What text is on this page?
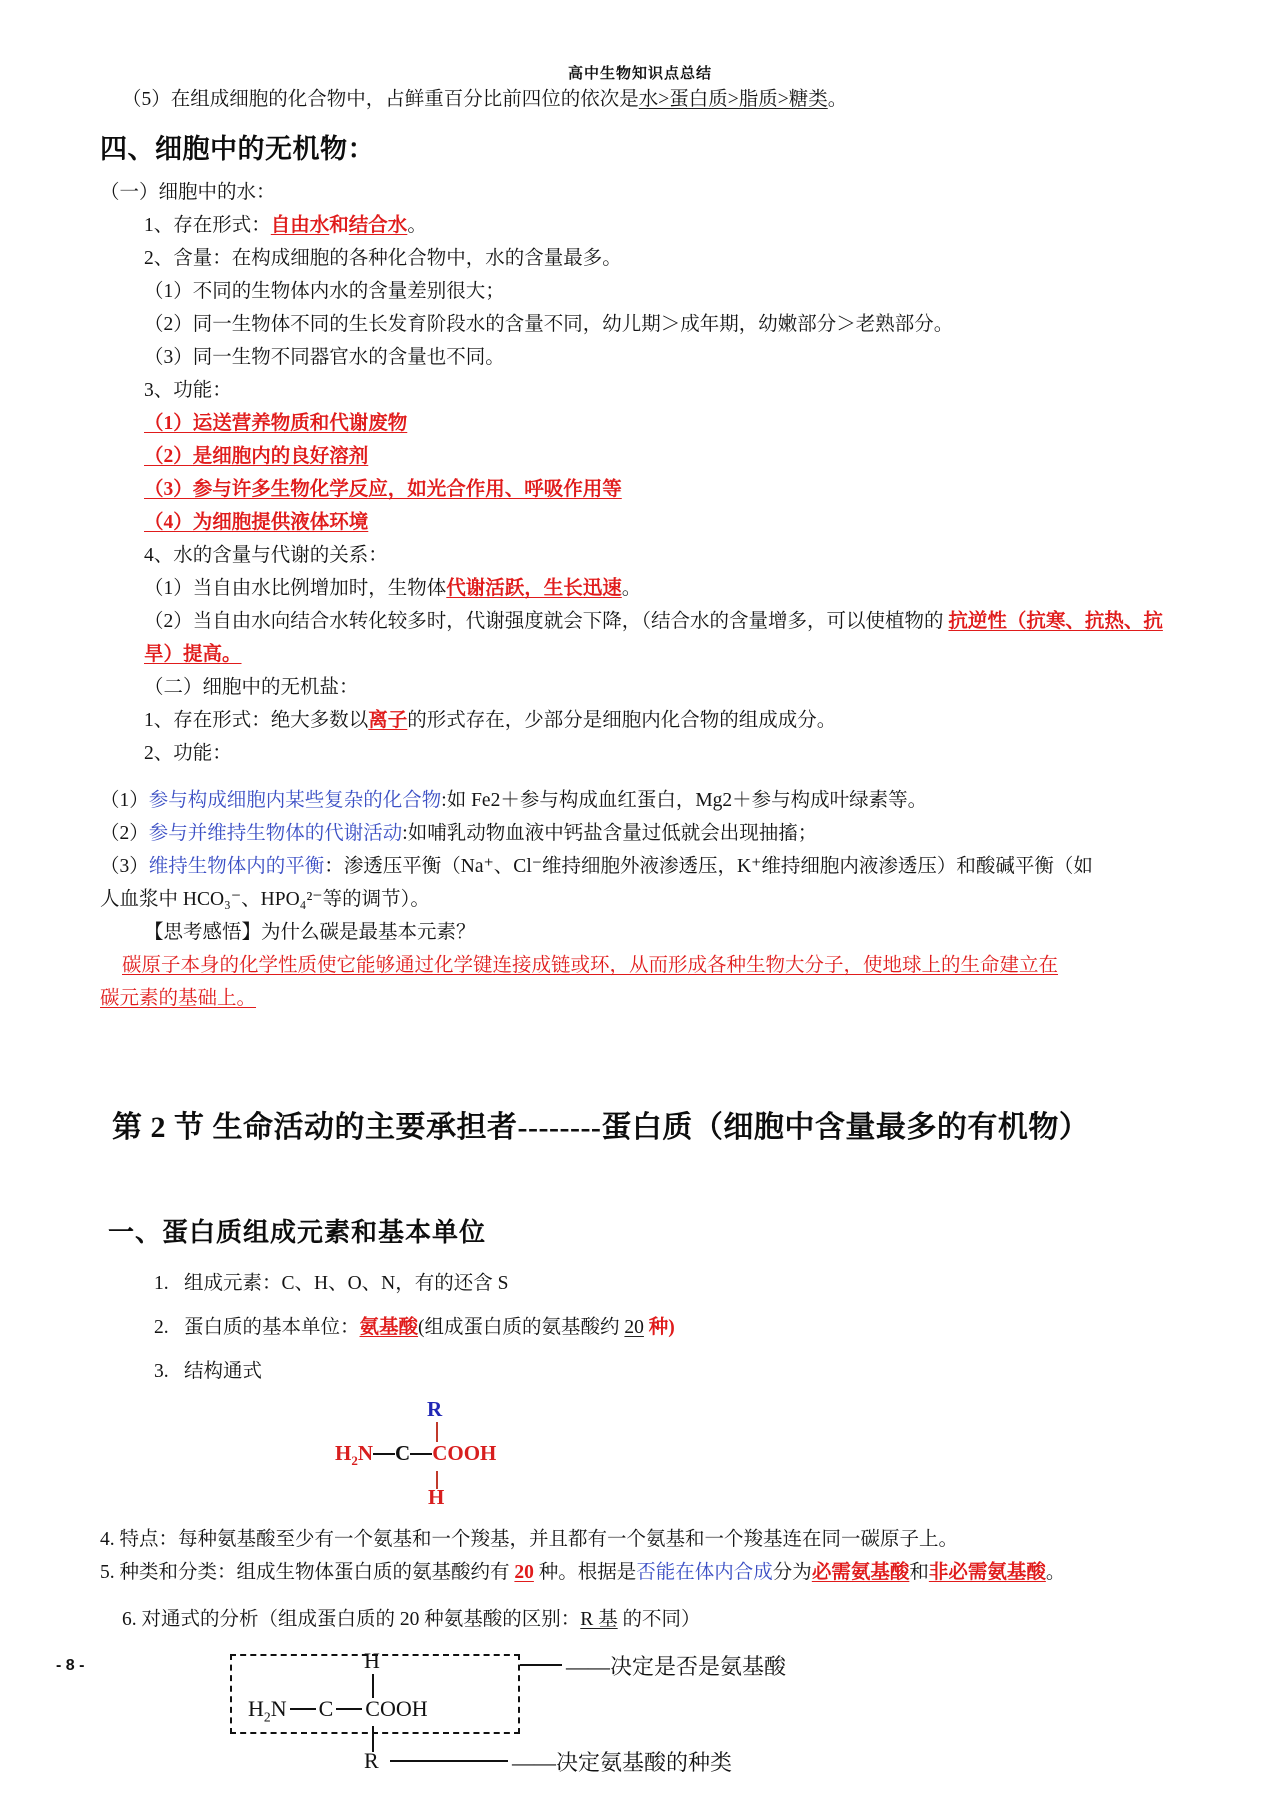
高中生物知识点总结

（5）在组成细胞的化合物中，占鲜重百分比前四位的依次是水>蛋白质>脂质>糖类。

四、细胞中的无机物：

（一）细胞中的水：

1、存在形式：自由水和结合水。

2、含量：在构成细胞的各种化合物中，水的含量最多。

（1）不同的生物体内水的含量差别很大；

（2）同一生物体不同的生长发育阶段水的含量不同，幼儿期＞成年期，幼嫩部分＞老熟部分。

（3）同一生物不同器官水的含量也不同。

3、功能：

（1）运送营养物质和代谢废物

（2）是细胞内的良好溶剂

（3）参与许多生物化学反应，如光合作用、呼吸作用等

（4）为细胞提供液体环境

4、水的含量与代谢的关系：

（1）当自由水比例增加时，生物体代谢活跃，生长迅速。

（2）当自由水向结合水转化较多时，代谢强度就会下降，（结合水的含量增多，可以使植物的 抗逆性（抗寒、抗热、抗旱）提高。

（二）细胞中的无机盐：

1、存在形式：绝大多数以离子的形式存在，少部分是细胞内化合物的组成成分。

2、功能：

（1）参与构成细胞内某些复杂的化合物:如 Fe2＋参与构成血红蛋白，Mg2＋参与构成叶绿素等。

（2）参与并维持生物体的代谢活动:如哺乳动物血液中钙盐含量过低就会出现抽搐；

（3）维持生物体内的平衡：渗透压平衡（Na⁺、Cl⁻维持细胞外液渗透压，K⁺维持细胞内液渗透压）和酸碱平衡（如

人血浆中 HCO₃⁻、HPO₄²⁻等的调节）。

【思考感悟】为什么碳是最基本元素？

碳原子本身的化学性质使它能够通过化学键连接成链或环，从而形成各种生物大分子，使地球上的生命建立在

碳元素的基础上。

第 2 节 生命活动的主要承担者--------蛋白质（细胞中含量最多的有机物）
一、蛋白质组成元素和基本单位

1. 组成元素：C、H、O、N，有的还含 S

2. 蛋白质的基本单位：氨基酸(组成蛋白质的氨基酸约 20 种)

3. 结构通式

R
$H_2N$ C COOH
H

4. 特点：每种氨基酸至少有一个氨基和一个羧基，并且都有一个氨基和一个羧基连在同一碳原子上。

5. 种类和分类：组成生物体蛋白质的氨基酸约有 20 种。根据是否能在体内合成分为必需氨基酸和非必需氨基酸。

6. 对通式的分析（组成蛋白质的 20 种氨基酸的区别：R 基 的不同）

H
$H_2N$ C COOH
R
——决定是否是氨基酸
——决定氨基酸的种类
- 8 -
